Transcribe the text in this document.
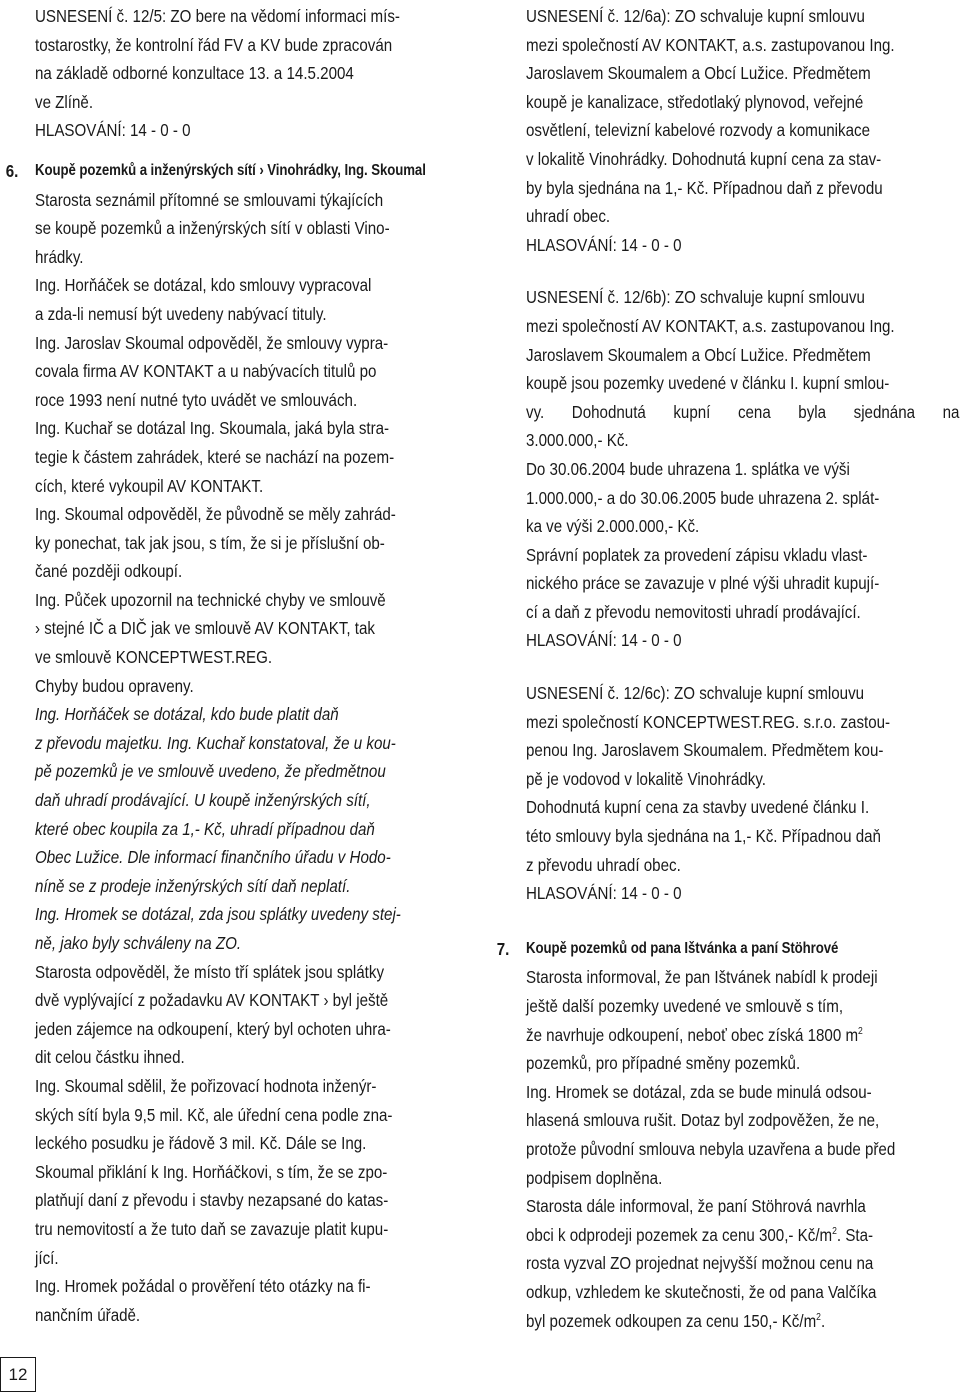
USNESENÍ č. 12/5: ZO bere na vědomí informaci mís-
tostarostky, že kontrolní řád FV a KV bude zpracován
na základě odborné konzultace 13. a 14.5.2004
ve Zlíně.
HLASOVÁNÍ: 14 - 0 - 0
6. Koupě pozemků a inženýrských sítí › Vinohrádky, Ing. Skoumal
Starosta seznámil přítomné se smlouvami týkajících
se koupě pozemků a inženýrských sítí v oblasti Vino-
hrádky.
Ing. Horňáček se dotázal, kdo smlouvy vypracoval
a zda-li nemusí být uvedeny nabývací tituly.
Ing. Jaroslav Skoumal odpověděl, že smlouvy vypra-
covala firma AV KONTAKT a u nabývacích titulů po
roce 1993 není nutné tyto uvádět ve smlouvách.
Ing. Kuchař se dotázal Ing. Skoumala, jaká byla stra-
tegie k částem zahrádek, které se nachází na pozem-
cích, které vykoupil AV KONTAKT.
Ing. Skoumal odpověděl, že původně se měly zahrád-
ky ponechat, tak jak jsou, s tím, že si je příslušní ob-
čané později odkoupí.
Ing. Půček upozornil na technické chyby ve smlouvě
› stejné IČ a DIČ jak ve smlouvě AV KONTAKT, tak
ve smlouvě KONCEPTWEST.REG.
Chyby budou opraveny.
Ing. Horňáček se dotázal, kdo bude platit daň
z převodu majetku. Ing. Kuchař konstatoval, že u kou-
pě pozemků je ve smlouvě uvedeno, že předmětnou
daň uhradí prodávající. U koupě inženýrských sítí,
které obec koupila za 1,- Kč, uhradí případnou daň
Obec Lužice. Dle informací finančního úřadu v Hodo-
níně se z prodeje inženýrských sítí daň neplatí.
Ing. Hromek se dotázal, zda jsou splátky uvedeny stej-
ně, jako byly schváleny na ZO.
Starosta odpověděl, že místo tří splátek jsou splátky
dvě vyplývající z požadavku AV KONTAKT › byl ještě
jeden zájemce na odkoupení, který byl ochoten uhra-
dit celou částku ihned.
Ing. Skoumal sdělil, že pořizovací hodnota inženýr-
ských sítí byla 9,5 mil. Kč, ale úřední cena podle zna-
leckého posudku je řádově 3 mil. Kč. Dále se Ing.
Skoumal přiklání k Ing. Horňáčkovi, s tím, že se zpo-
platňují daní z převodu i stavby nezapsané do katas-
tru nemovitostí a že tuto daň se zavazuje platit kupu-
jící.
Ing. Hromek požádal o prověření této otázky na fi-
nančním úřadě.
USNESENÍ č. 12/6a): ZO schvaluje kupní smlouvu
mezi společností AV KONTAKT, a.s. zastupovanou Ing.
Jaroslavem Skoumalem a Obcí Lužice. Předmětem
koupě je kanalizace, středotlaký plynovod, veřejné
osvětlení, televizní kabelové rozvody a komunikace
v lokalitě Vinohrádky. Dohodnutá kupní cena za stav-
by byla sjednána na 1,- Kč. Případnou daň z převodu
uhradí obec.
HLASOVÁNÍ: 14 - 0 - 0
USNESENÍ č. 12/6b): ZO schvaluje kupní smlouvu
mezi společností AV KONTAKT, a.s. zastupovanou Ing.
Jaroslavem Skoumalem a Obcí Lužice. Předmětem
koupě jsou pozemky uvedené v článku I. kupní smlou-
vy. Dohodnutá kupní cena byla sjednána na
3.000.000,- Kč.
Do 30.06.2004 bude uhrazena 1. splátka ve výši
1.000.000,- a do 30.06.2005 bude uhrazena 2. splát-
ka ve výši 2.000.000,- Kč.
Správní poplatek za provedení zápisu vkladu vlast-
nického práce se zavazuje v plné výši uhradit kupují-
cí a daň z převodu nemovitosti uhradí prodávající.
HLASOVÁNÍ: 14 - 0 - 0
USNESENÍ č. 12/6c): ZO schvaluje kupní smlouvu
mezi společností KONCEPTWEST.REG. s.r.o. zastou-
penou Ing. Jaroslavem Skoumalem. Předmětem kou-
pě je vodovod v lokalitě Vinohrádky.
Dohodnutá kupní cena za stavby uvedené článku I.
této smlouvy byla sjednána na 1,- Kč. Případnou daň
z převodu uhradí obec.
HLASOVÁNÍ: 14 - 0 - 0
7. Koupě pozemků od pana Ištvánka a paní Stöhrové
Starosta informoval, že pan Ištvánek nabídl k prodeji
ještě další pozemky uvedené ve smlouvě s tím,
že navrhuje odkoupení, neboť obec získá 1800 $m^2$
pozemků, pro případné směny pozemků.
Ing. Hromek se dotázal, zda se bude minulá odsou-
hlasená smlouva rušit. Dotaz byl zodpověžen, že ne,
protože původní smlouva nebyla uzavřena a bude před
podpisem doplněna.
Starosta dále informoval, že paní Stöhrová navrhla
obci k odprodeji pozemek za cenu 300,- $Kč/m^2$. Sta-
rosta vyzval ZO projednat nejvyšší možnou cenu na
odkup, vzhledem ke skutečnosti, že od pana Valčíka
byl pozemek odkoupen za cenu 150,- $Kč/m^2$.
12
